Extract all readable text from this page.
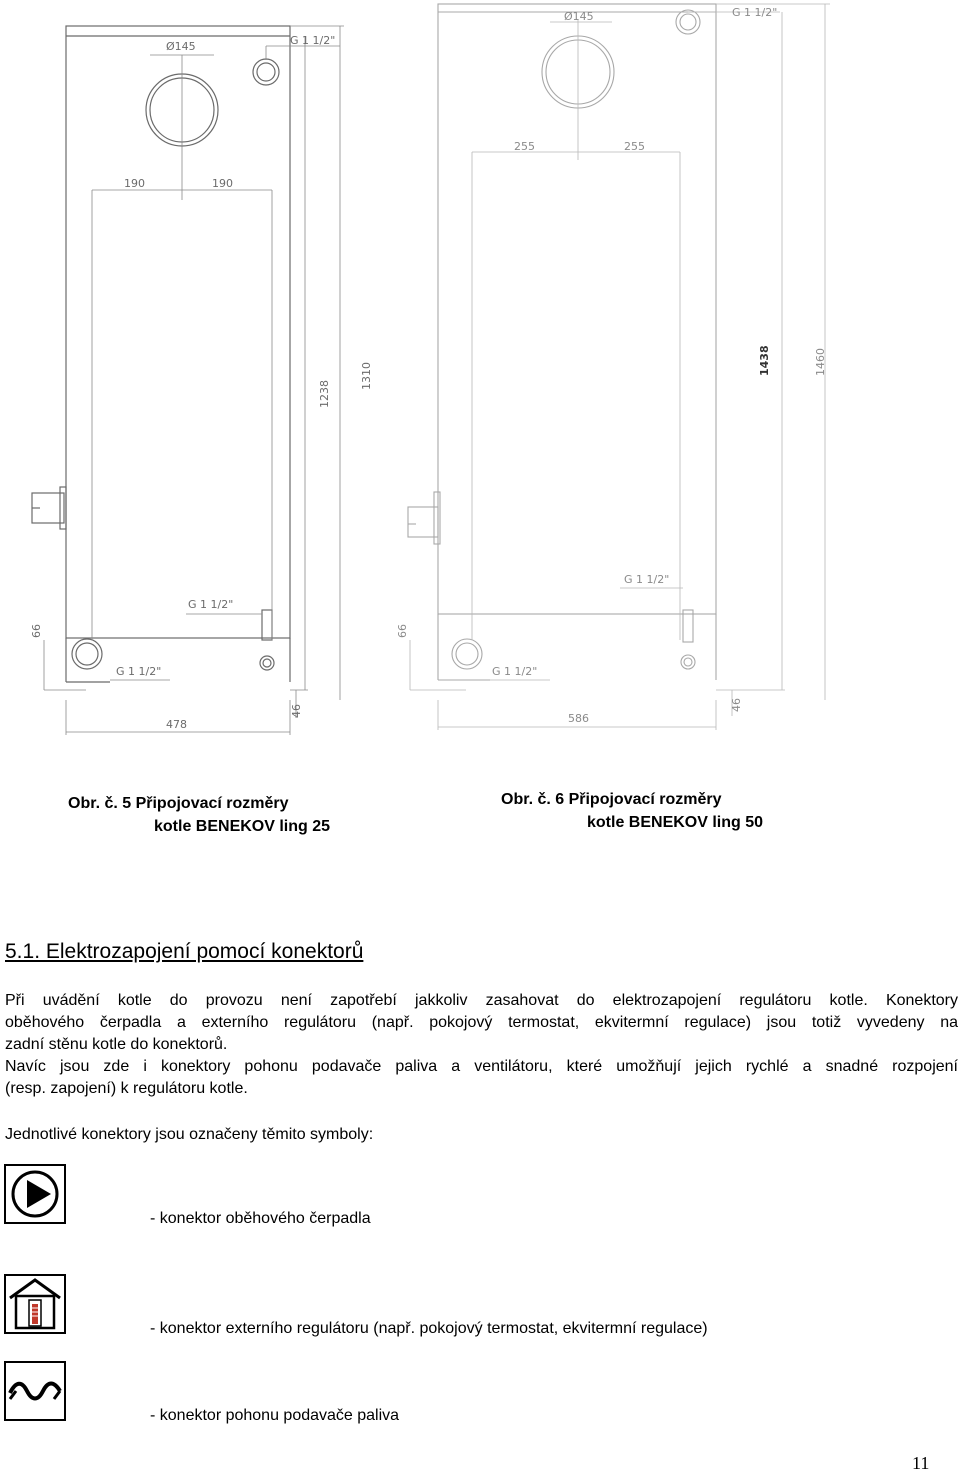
G 1 1/2"
Ø145
190	190
G 1 1/2"
G 1 1/2"
478
1238
1310
66
46
G 1 1/2"
Ø145
255	255
G 1 1/2"
G 1 1/2"
586
1438	1460
66
46
Obr. č. 5 Připojovací rozměry
kotle BENEKOV ling 25
Obr. č. 6 Připojovací rozměry
kotle BENEKOV ling 50
5.1. Elektrozapojení pomocí konektorů
Při uvádění kotle do provozu není zapotřebí jakkoliv zasahovat do elektrozapojení regulátoru kotle. Konektory
oběhového čerpadla a externího regulátoru (např. pokojový termostat, ekvitermní regulace) jsou totiž vyvedeny na
zadní stěnu kotle do konektorů.
Navíc jsou zde i konektory pohonu podavače paliva a ventilátoru, které umožňují jejich rychlé a snadné rozpojení
(resp. zapojení) k regulátoru kotle.
Jednotlivé konektory jsou označeny těmito symboly:
- konektor oběhového čerpadla
- konektor externího regulátoru (např. pokojový termostat, ekvitermní regulace)
- konektor pohonu podavače paliva
11
